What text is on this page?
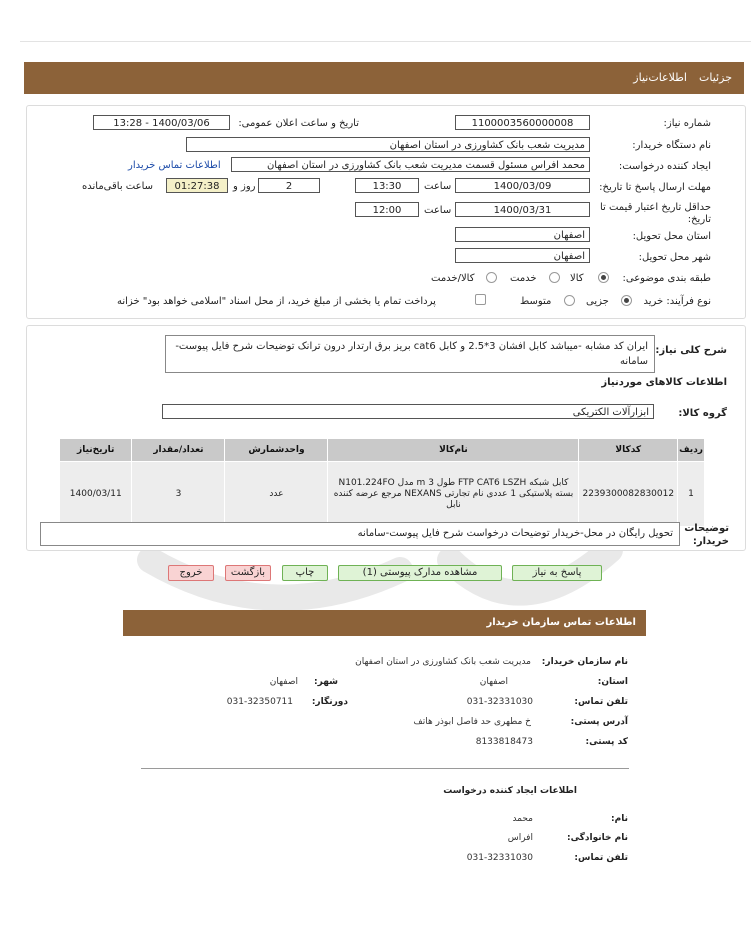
جزئیات
اطلاعات‌نیاز
شماره نیاز:
1100003560000008
تاریخ و ساعت اعلان عمومی:
1400/03/06 - 13:28
نام دستگاه خریدار:
مدیریت شعب بانک کشاورزی در استان اصفهان
ایجاد کننده درخواست:
محمد افراس مسئول قسمت مدیریت شعب بانک کشاورزی در استان اصفهان
اطلاعات تماس خریدار
مهلت ارسال پاسخ تا تاریخ:
1400/03/09
ساعت
13:30
2
روز و
01:27:38
ساعت باقی‌مانده
حداقل تاریخ اعتبار قیمت تا تاریخ:
1400/03/31
ساعت
12:00
استان محل تحویل:
اصفهان
شهر محل تحویل:
اصفهان
طبقه بندی موضوعی:
کالا
خدمت
کالا/خدمت
نوع فرآیند: خرید
جزیی
متوسط
پرداخت تمام یا بخشی از مبلغ خرید، از محل اسناد "اسلامی خواهد بود" خزانه
شرح کلی نیاز:
ایران کد مشابه -میباشد کابل افشان 3*2.5 و کابل cat6 بریز برق ارتدار درون ترانک توضیحات شرح فایل پیوست-سامانه
اطلاعات کالاهای موردنیاز
گروه کالا:
ابزارآلات الکتریکی
ردیف	کدکالا	نام‌کالا	واحدشمارش	تعداد/مقدار	تاریخ‌نیاز
1	2239300082830012	کابل شبکه FTP CAT6 LSZH طول 3 m مدل N101.224FO بسته پلاستیکی 1 عددی نام تجارتی NEXANS مرجع عرضه کننده نابل	عدد	3	1400/03/11
توضیحات خریدار:
تحویل رایگان در محل-خریدار توضیحات درخواست شرح فایل پیوست-سامانه
پاسخ به نیاز
مشاهده مدارک پیوستی (1)
چاپ
بازگشت
خروج
اطلاعات تماس سازمان خریدار
نام سازمان خریدار:
مدیریت شعب بانک کشاورزی در استان اصفهان
استان:
اصفهان
شهر:
اصفهان
تلفن تماس:
031-32331030
دورنگار:
031-32350711
آدرس پستی:
خ مطهری حد فاصل ابوذر هاتف
کد پستی:
8133818473
اطلاعات ایجاد کننده درخواست
نام:
محمد
نام خانوادگی:
افراس
تلفن تماس:
031-32331030
